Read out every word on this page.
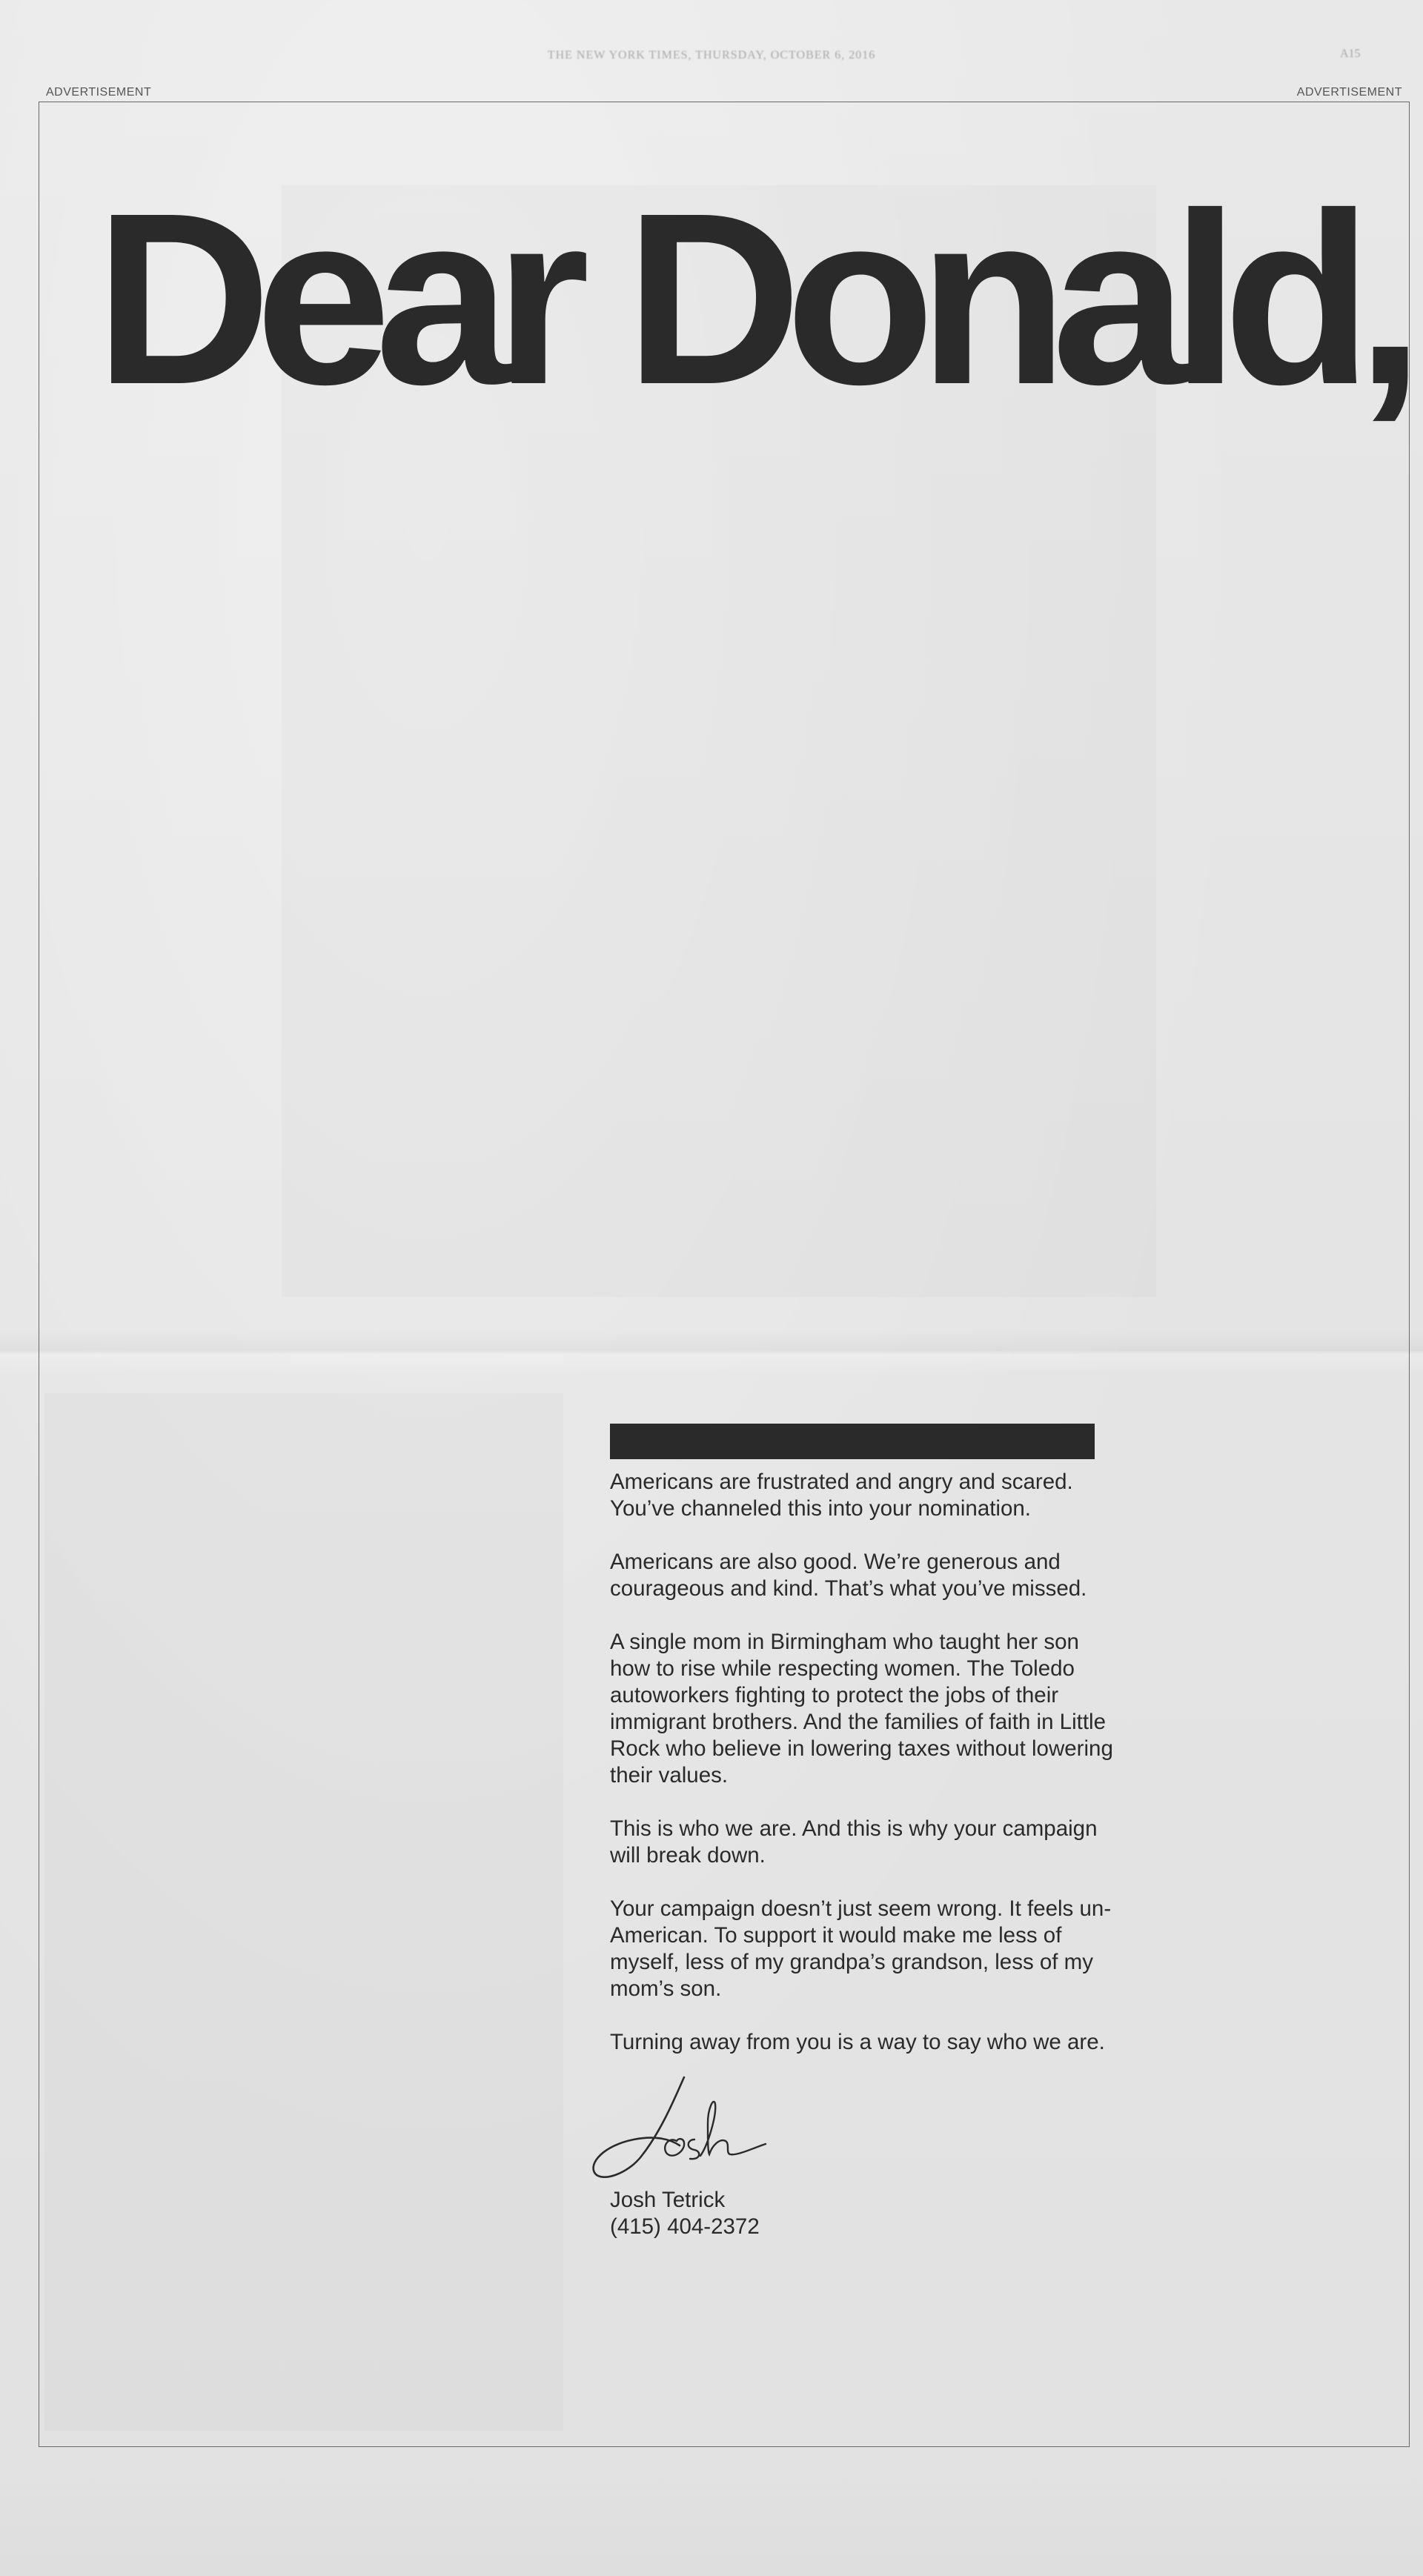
THE NEW YORK TIMES, THURSDAY, OCTOBER 6, 2016	A15
ADVERTISEMENT	ADVERTISEMENT
Dear Donald,

Americans are frustrated and angry and scared. You’ve channeled this into your nomination.

Americans are also good. We’re generous and courageous and kind. That’s what you’ve missed.

A single mom in Birmingham who taught her son how to rise while respecting women. The Toledo autoworkers fighting to protect the jobs of their immigrant brothers. And the families of faith in Little Rock who believe in lowering taxes without lowering their values.

This is who we are. And this is why your campaign will break down.

Your campaign doesn’t just seem wrong. It feels un-American. To support it would make me less of myself, less of my grandpa’s grandson, less of my mom’s son.

Turning away from you is a way to say who we are.

Josh Tetrick
(415) 404-2372
